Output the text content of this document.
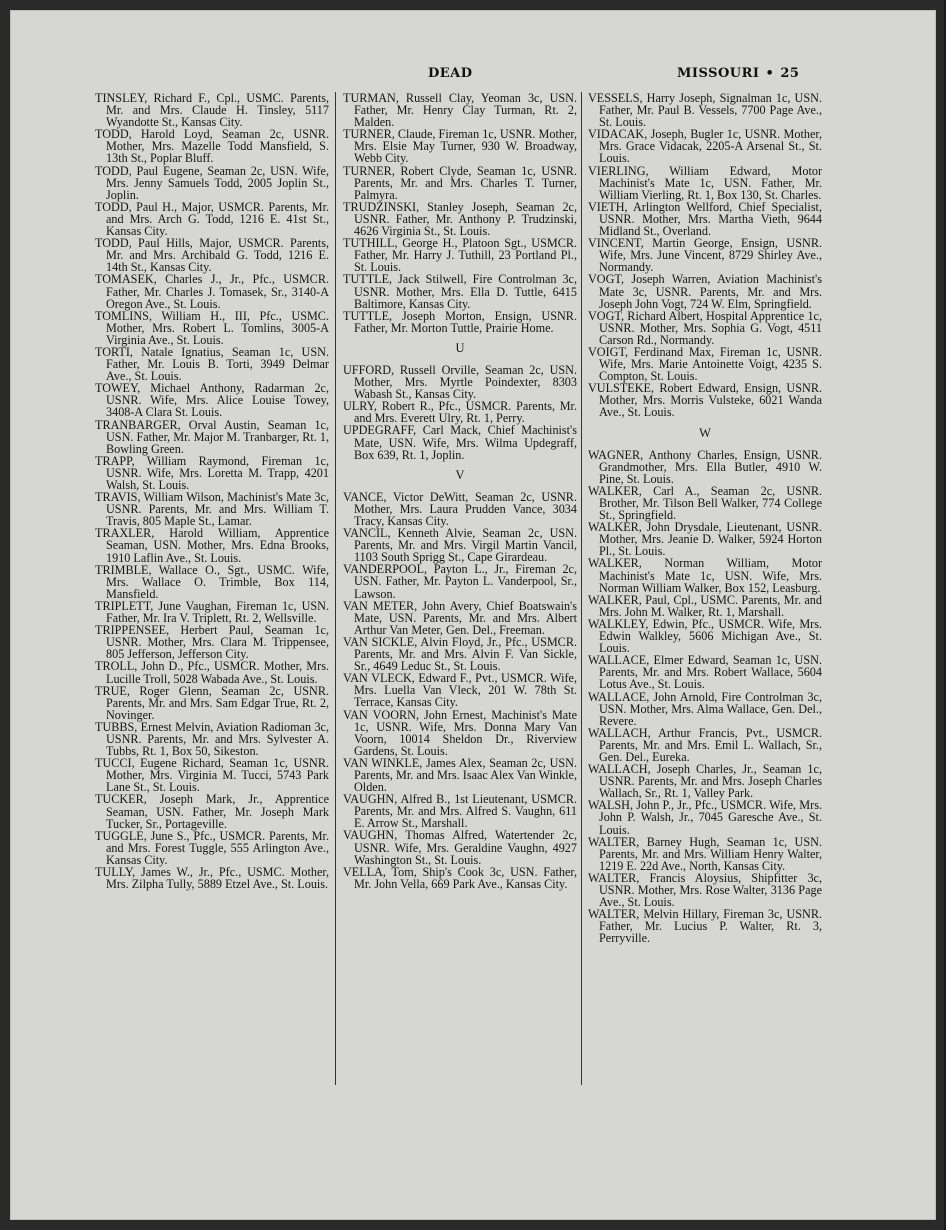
DEAD	MISSOURI • 25

TINSLEY, Richard F., Cpl., USMC. Parents, Mr. and Mrs. Claude H. Tinsley, 5117 Wyandotte St., Kansas City.

TODD, Harold Loyd, Seaman 2c, USNR. Mother, Mrs. Mazelle Todd Mansfield, S. 13th St., Poplar Bluff.

TODD, Paul Eugene, Seaman 2c, USN. Wife, Mrs. Jenny Samuels Todd, 2005 Joplin St., Joplin.

TODD, Paul H., Major, USMCR. Parents, Mr. and Mrs. Arch G. Todd, 1216 E. 41st St., Kansas City.

TODD, Paul Hills, Major, USMCR. Parents, Mr. and Mrs. Archibald G. Todd, 1216 E. 14th St., Kansas City.

TOMASEK, Charles J., Jr., Pfc., USMCR. Father, Mr. Charles J. Tomasek, Sr., 3140-A Oregon Ave., St. Louis.

TOMLINS, William H., III, Pfc., USMC. Mother, Mrs. Robert L. Tomlins, 3005-A Virginia Ave., St. Louis.

TORTI, Natale Ignatius, Seaman 1c, USN. Father, Mr. Louis B. Torti, 3949 Delmar Ave., St. Louis.

TOWEY, Michael Anthony, Radarman 2c, USNR. Wife, Mrs. Alice Louise Towey, 3408-A Clara St. Louis.

TRANBARGER, Orval Austin, Seaman 1c, USN. Father, Mr. Major M. Tranbarger, Rt. 1, Bowling Green.

TRAPP, William Raymond, Fireman 1c, USNR. Wife, Mrs. Loretta M. Trapp, 4201 Walsh, St. Louis.

TRAVIS, William Wilson, Machinist's Mate 3c, USNR. Parents, Mr. and Mrs. William T. Travis, 805 Maple St., Lamar.

TRAXLER, Harold William, Apprentice Seaman, USN. Mother, Mrs. Edna Brooks, 1910 Laflin Ave., St. Louis.

TRIMBLE, Wallace O., Sgt., USMC. Wife, Mrs. Wallace O. Trimble, Box 114, Mansfield.

TRIPLETT, June Vaughan, Fireman 1c, USN. Father, Mr. Ira V. Triplett, Rt. 2, Wellsville.

TRIPPENSEE, Herbert Paul, Seaman 1c, USNR. Mother, Mrs. Clara M. Trippensee, 805 Jefferson, Jefferson City.

TROLL, John D., Pfc., USMCR. Mother, Mrs. Lucille Troll, 5028 Wabada Ave., St. Louis.

TRUE, Roger Glenn, Seaman 2c, USNR. Parents, Mr. and Mrs. Sam Edgar True, Rt. 2, Novinger.

TUBBS, Ernest Melvin, Aviation Radioman 3c, USNR. Parents, Mr. and Mrs. Sylvester A. Tubbs, Rt. 1, Box 50, Sikeston.

TUCCI, Eugene Richard, Seaman 1c, USNR. Mother, Mrs. Virginia M. Tucci, 5743 Park Lane St., St. Louis.

TUCKER, Joseph Mark, Jr., Apprentice Seaman, USN. Father, Mr. Joseph Mark Tucker, Sr., Portageville.

TUGGLE, June S., Pfc., USMCR. Parents, Mr. and Mrs. Forest Tuggle, 555 Arlington Ave., Kansas City.

TULLY, James W., Jr., Pfc., USMC. Mother, Mrs. Zilpha Tully, 5889 Etzel Ave., St. Louis.

TURMAN, Russell Clay, Yeoman 3c, USN. Father, Mr. Henry Clay Turman, Rt. 2, Malden.

TURNER, Claude, Fireman 1c, USNR. Mother, Mrs. Elsie May Turner, 930 W. Broadway, Webb City.

TURNER, Robert Clyde, Seaman 1c, USNR. Parents, Mr. and Mrs. Charles T. Turner, Palmyra.

TRUDZINSKI, Stanley Joseph, Seaman 2c, USNR. Father, Mr. Anthony P. Trudzinski, 4626 Virginia St., St. Louis.

TUTHILL, George H., Platoon Sgt., USMCR. Father, Mr. Harry J. Tuthill, 23 Portland Pl., St. Louis.

TUTTLE, Jack Stilwell, Fire Controlman 3c, USNR. Mother, Mrs. Ella D. Tuttle, 6415 Baltimore, Kansas City.

TUTTLE, Joseph Morton, Ensign, USNR. Father, Mr. Morton Tuttle, Prairie Home.

U

UFFORD, Russell Orville, Seaman 2c, USN. Mother, Mrs. Myrtle Poindexter, 8303 Wabash St., Kansas City.

ULRY, Robert R., Pfc., USMCR. Parents, Mr. and Mrs. Everett Ulry, Rt. 1, Perry.

UPDEGRAFF, Carl Mack, Chief Machinist's Mate, USN. Wife, Mrs. Wilma Updegraff, Box 639, Rt. 1, Joplin.

V

VANCE, Victor DeWitt, Seaman 2c, USNR. Mother, Mrs. Laura Prudden Vance, 3034 Tracy, Kansas City.

VANCIL, Kenneth Alvie, Seaman 2c, USN. Parents, Mr. and Mrs. Virgil Martin Vancil, 1103 South Sprigg St., Cape Girardeau.

VANDERPOOL, Payton L., Jr., Fireman 2c, USN. Father, Mr. Payton L. Vanderpool, Sr., Lawson.

VAN METER, John Avery, Chief Boatswain's Mate, USN. Parents, Mr. and Mrs. Albert Arthur Van Meter, Gen. Del., Freeman.

VAN SICKLE, Alvin Floyd, Jr., Pfc., USMCR. Parents, Mr. and Mrs. Alvin F. Van Sickle, Sr., 4649 Leduc St., St. Louis.

VAN VLECK, Edward F., Pvt., USMCR. Wife, Mrs. Luella Van Vleck, 201 W. 78th St. Terrace, Kansas City.

VAN VOORN, John Ernest, Machinist's Mate 1c, USNR. Wife, Mrs. Donna Mary Van Voorn, 10014 Sheldon Dr., Riverview Gardens, St. Louis.

VAN WINKLE, James Alex, Seaman 2c, USN. Parents, Mr. and Mrs. Isaac Alex Van Winkle, Olden.

VAUGHN, Alfred B., 1st Lieutenant, USMCR. Parents, Mr. and Mrs. Alfred S. Vaughn, 611 E. Arrow St., Marshall.

VAUGHN, Thomas Alfred, Watertender 2c, USNR. Wife, Mrs. Geraldine Vaughn, 4927 Washington St., St. Louis.

VELLA, Tom, Ship's Cook 3c, USN. Father, Mr. John Vella, 669 Park Ave., Kansas City.

VESSELS, Harry Joseph, Signalman 1c, USN. Father, Mr. Paul B. Vessels, 7700 Page Ave., St. Louis.

VIDACAK, Joseph, Bugler 1c, USNR. Mother, Mrs. Grace Vidacak, 2205-A Arsenal St., St. Louis.

VIERLING, William Edward, Motor Machinist's Mate 1c, USN. Father, Mr. William Vierling, Rt. 1, Box 130, St. Charles.

VIETH, Arlington Wellford, Chief Specialist, USNR. Mother, Mrs. Martha Vieth, 9644 Midland St., Overland.

VINCENT, Martin George, Ensign, USNR. Wife, Mrs. June Vincent, 8729 Shirley Ave., Normandy.

VOGT, Joseph Warren, Aviation Machinist's Mate 3c, USNR. Parents, Mr. and Mrs. Joseph John Vogt, 724 W. Elm, Springfield.

VOGT, Richard Albert, Hospital Apprentice 1c, USNR. Mother, Mrs. Sophia G. Vogt, 4511 Carson Rd., Normandy.

VOIGT, Ferdinand Max, Fireman 1c, USNR. Wife, Mrs. Marie Antoinette Voigt, 4235 S. Compton, St. Louis.

VULSTEKE, Robert Edward, Ensign, USNR. Mother, Mrs. Morris Vulsteke, 6021 Wanda Ave., St. Louis.

W

WAGNER, Anthony Charles, Ensign, USNR. Grandmother, Mrs. Ella Butler, 4910 W. Pine, St. Louis.

WALKER, Carl A., Seaman 2c, USNR. Brother, Mr. Tilson Bell Walker, 774 College St., Springfield.

WALKER, John Drysdale, Lieutenant, USNR. Mother, Mrs. Jeanie D. Walker, 5924 Horton Pl., St. Louis.

WALKER, Norman William, Motor Machinist's Mate 1c, USN. Wife, Mrs. Norman William Walker, Box 152, Leasburg.

WALKER, Paul, Cpl., USMC. Parents, Mr. and Mrs. John M. Walker, Rt. 1, Marshall.

WALKLEY, Edwin, Pfc., USMCR. Wife, Mrs. Edwin Walkley, 5606 Michigan Ave., St. Louis.

WALLACE, Elmer Edward, Seaman 1c, USN. Parents, Mr. and Mrs. Robert Wallace, 5604 Lotus Ave., St. Louis.

WALLACE, John Arnold, Fire Controlman 3c, USN. Mother, Mrs. Alma Wallace, Gen. Del., Revere.

WALLACH, Arthur Francis, Pvt., USMCR. Parents, Mr. and Mrs. Emil L. Wallach, Sr., Gen. Del., Eureka.

WALLACH, Joseph Charles, Jr., Seaman 1c, USNR. Parents, Mr. and Mrs. Joseph Charles Wallach, Sr., Rt. 1, Valley Park.

WALSH, John P., Jr., Pfc., USMCR. Wife, Mrs. John P. Walsh, Jr., 7045 Garesche Ave., St. Louis.

WALTER, Barney Hugh, Seaman 1c, USN. Parents, Mr. and Mrs. William Henry Walter, 1219 E. 22d Ave., North, Kansas City.

WALTER, Francis Aloysius, Shipfitter 3c, USNR. Mother, Mrs. Rose Walter, 3136 Page Ave., St. Louis.

WALTER, Melvin Hillary, Fireman 3c, USNR. Father, Mr. Lucius P. Walter, Rt. 3, Perryville.
